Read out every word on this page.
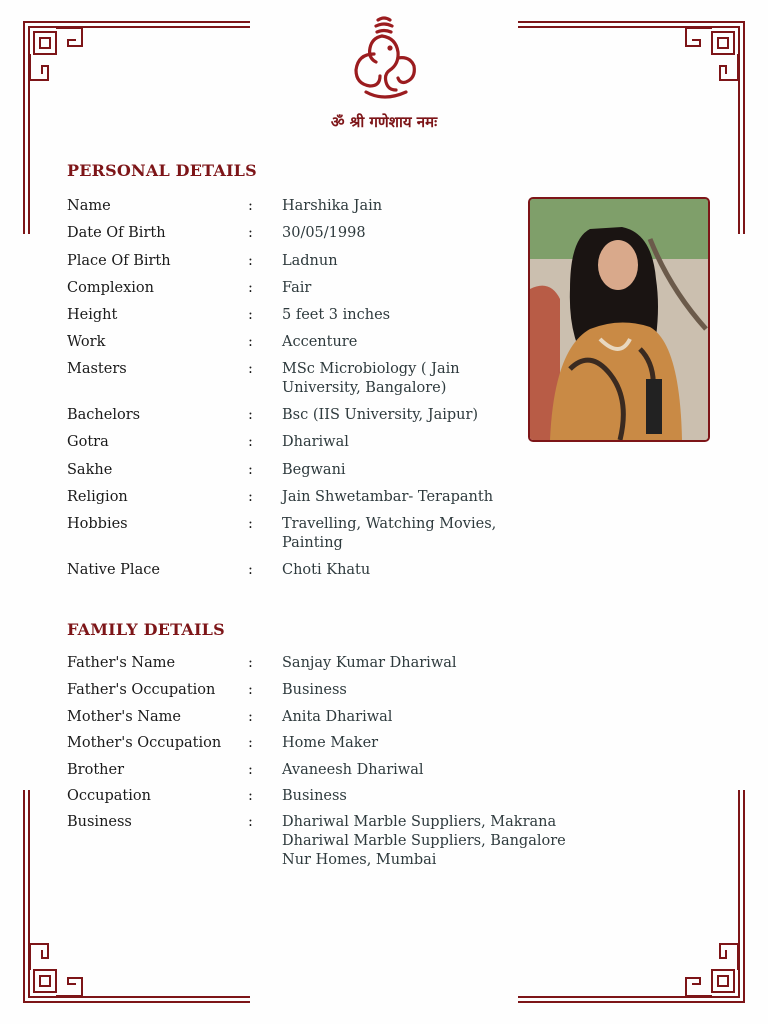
ॐ श्री गणेशाय नमः
PERSONAL DETAILS
Name	: Harshika Jain
Date Of Birth	: 30/05/1998
Place Of Birth	: Ladnun
Complexion	: Fair
Height	: 5 feet 3 inches
Work	: Accenture
Masters	: MSc Microbiology ( Jain
University, Bangalore)
Bachelors	: Bsc (IIS University, Jaipur)
Gotra	: Dhariwal
Sakhe	: Begwani
Religion	: Jain Shwetambar- Terapanth
Hobbies	: Travelling, Watching Movies,
Painting
Native Place	: Choti Khatu
FAMILY DETAILS
Father's Name	: Sanjay Kumar Dhariwal
Father's Occupation	: Business
Mother's Name	: Anita Dhariwal
Mother's Occupation	: Home Maker
Brother	: Avaneesh Dhariwal
Occupation	: Business
Business	: Dhariwal Marble Suppliers, Makrana
Dhariwal Marble Suppliers, Bangalore
Nur Homes, Mumbai
